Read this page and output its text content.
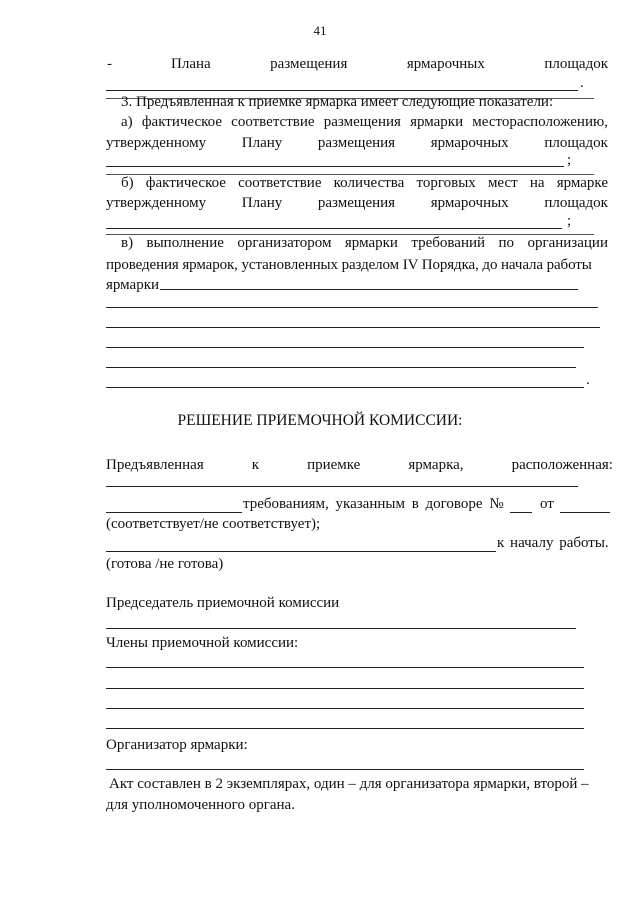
41
-	Плана	размещения	ярмарочных	площадок
.
3. Предъявленная к приемке ярмарка имеет следующие показатели:
а) фактическое соответствие размещения ярмарки месторасположению,
утвержденному Плану размещения ярмарочных площадок
;
б) фактическое соответствие количества торговых мест на ярмарке
утвержденному Плану размещения ярмарочных площадок
;
в) выполнение организатором ярмарки требований по организации
проведения ярмарок, установленных разделом IV Порядка, до начала работы
ярмарки
.
РЕШЕНИЕ ПРИЕМОЧНОЙ КОМИССИИ:
Предъявленная	к	приемке	ярмарка,	расположенная:
требованиям, указанным в договоре № от
(соответствует/не соответствует);
к началу работы.
(готова /не готова)
Председатель приемочной комиссии
Члены приемочной комиссии:
Организатор ярмарки:
Акт составлен в 2 экземплярах, один – для организатора ярмарки, второй –
для уполномоченного органа.
